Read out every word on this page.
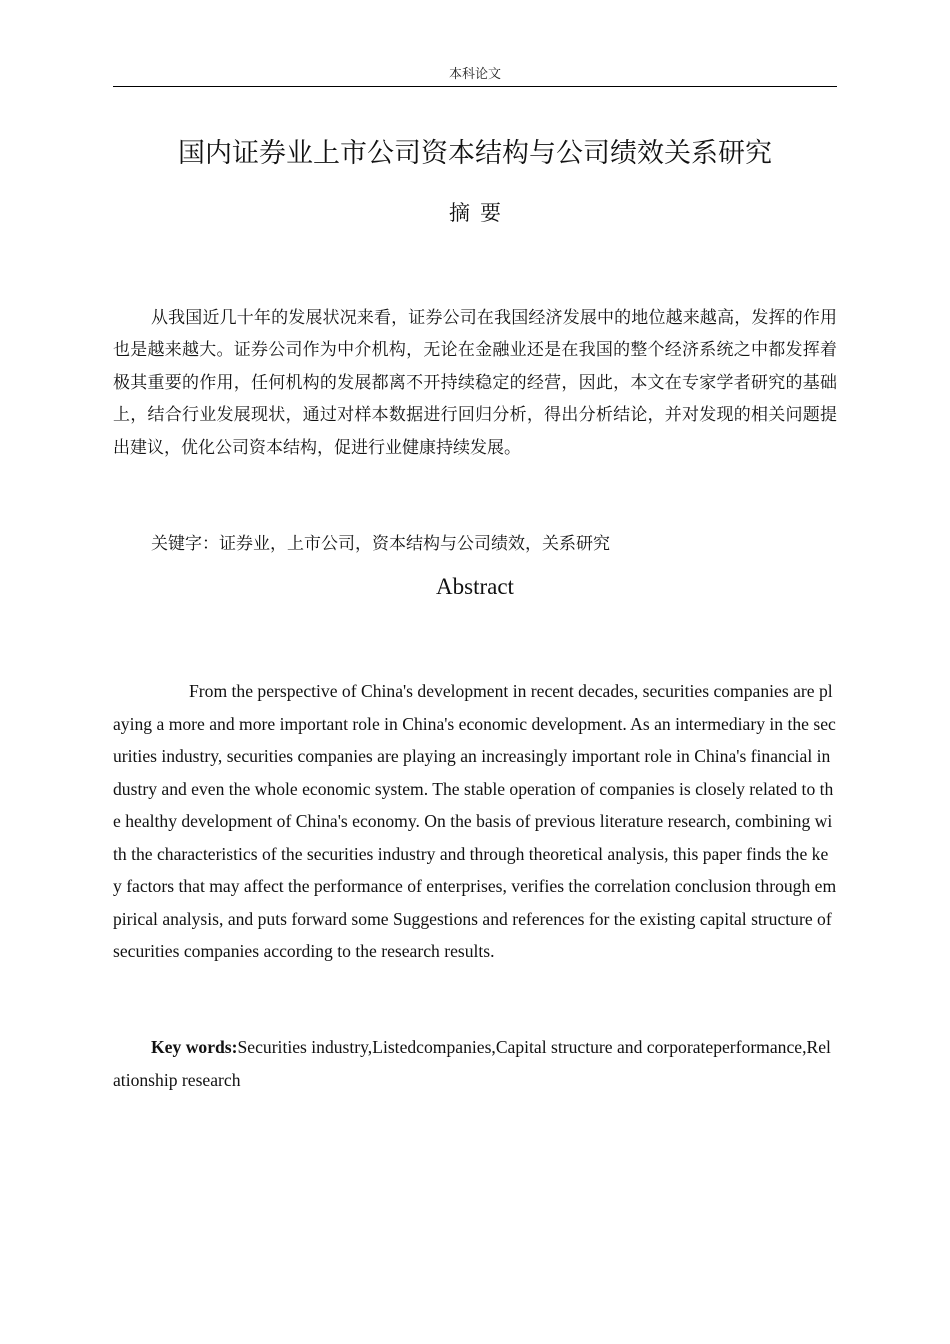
本科论文
国内证券业上市公司资本结构与公司绩效关系研究
摘要

从我国近几十年的发展状况来看，证券公司在我国经济发展中的地位越来越高，发挥的作用也是越来越大。证券公司作为中介机构，无论在金融业还是在我国的整个经济系统之中都发挥着极其重要的作用，任何机构的发展都离不开持续稳定的经营，因此，本文在专家学者研究的基础上，结合行业发展现状，通过对样本数据进行回归分析，得出分析结论，并对发现的相关问题提出建议，优化公司资本结构，促进行业健康持续发展。

关键字：证券业，上市公司，资本结构与公司绩效，关系研究

Abstract

From the perspective of China's development in recent decades, securities companies are playing a more and more important role in China's economic development. As an intermediary in the securities industry, securities companies are playing an increasingly important role in China's financial industry and even the whole economic system. The stable operation of companies is closely related to the healthy development of China's economy. On the basis of previous literature research, combining with the characteristics of the securities industry and through theoretical analysis, this paper finds the key factors that may affect the performance of enterprises, verifies the correlation conclusion through empirical analysis, and puts forward some Suggestions and references for the existing capital structure of securities companies according to the research results.

Key words:Securities industry,Listedcompanies,Capital structure and corporateperformance,Relationship research
